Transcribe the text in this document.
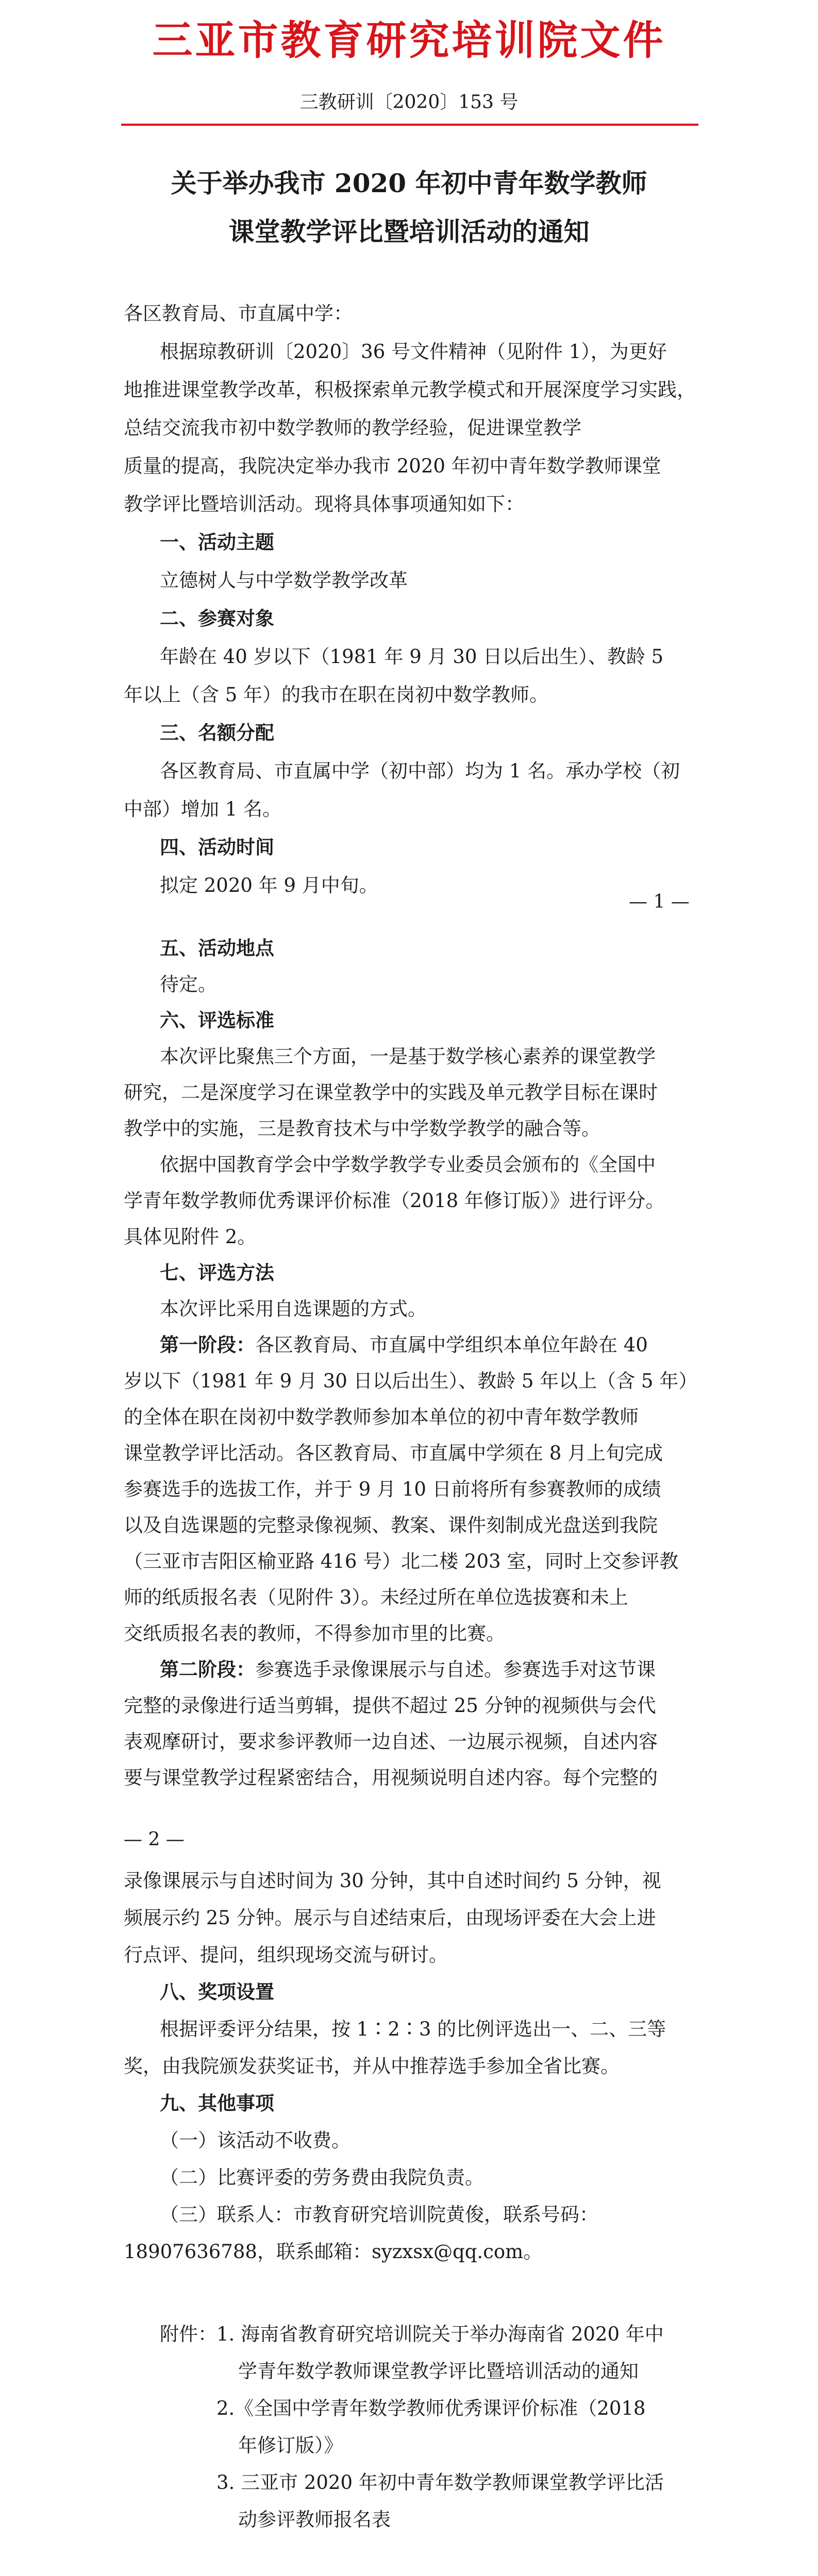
三亚市教育研究培训院文件
三教研训〔2020〕153 号
关于举办我市 2020 年初中青年数学教师
课堂教学评比暨培训活动的通知
各区教育局、市直属中学：
根据琼教研训〔2020〕36 号文件精神（见附件 1），为更好
地推进课堂教学改革，积极探索单元教学模式和开展深度学习实践，
总结交流我市初中数学教师的教学经验，促进课堂教学
质量的提高，我院决定举办我市 2020 年初中青年数学教师课堂
教学评比暨培训活动。现将具体事项通知如下：
一、活动主题
立德树人与中学数学教学改革
二、参赛对象
年龄在 40 岁以下（1981 年 9 月 30 日以后出生）、教龄 5
年以上（含 5 年）的我市在职在岗初中数学教师。
三、名额分配
各区教育局、市直属中学（初中部）均为 1 名。承办学校（初
中部）增加 1 名。
四、活动时间
拟定 2020 年 9 月中旬。
— 1 —
五、活动地点
待定。
六、评选标准
本次评比聚焦三个方面，一是基于数学核心素养的课堂教学
研究，二是深度学习在课堂教学中的实践及单元教学目标在课时
教学中的实施，三是教育技术与中学数学教学的融合等。
依据中国教育学会中学数学教学专业委员会颁布的《全国中
学青年数学教师优秀课评价标准（2018 年修订版）》进行评分。
具体见附件 2。
七、评选方法
本次评比采用自选课题的方式。
第一阶段：各区教育局、市直属中学组织本单位年龄在 40
岁以下（1981 年 9 月 30 日以后出生）、教龄 5 年以上（含 5 年）
的全体在职在岗初中数学教师参加本单位的初中青年数学教师
课堂教学评比活动。各区教育局、市直属中学须在 8 月上旬完成
参赛选手的选拔工作，并于 9 月 10 日前将所有参赛教师的成绩
以及自选课题的完整录像视频、教案、课件刻制成光盘送到我院
（三亚市吉阳区榆亚路 416 号）北二楼 203 室，同时上交参评教
师的纸质报名表（见附件 3）。未经过所在单位选拔赛和未上
交纸质报名表的教师，不得参加市里的比赛。
第二阶段：参赛选手录像课展示与自述。参赛选手对这节课
完整的录像进行适当剪辑，提供不超过 25 分钟的视频供与会代
表观摩研讨，要求参评教师一边自述、一边展示视频，自述内容
要与课堂教学过程紧密结合，用视频说明自述内容。每个完整的
— 2 —
录像课展示与自述时间为 30 分钟，其中自述时间约 5 分钟，视
频展示约 25 分钟。展示与自述结束后，由现场评委在大会上进
行点评、提问，组织现场交流与研讨。
八、奖项设置
根据评委评分结果，按 1∶2∶3 的比例评选出一、二、三等
奖，由我院颁发获奖证书，并从中推荐选手参加全省比赛。
九、其他事项
（一）该活动不收费。
（二）比赛评委的劳务费由我院负责。
（三）联系人：市教育研究培训院黄俊，联系号码：
18907636788，联系邮箱：syzxsx@qq.com。
附件： 1. 海南省教育研究培训院关于举办海南省 2020 年中
学青年数学教师课堂教学评比暨培训活动的通知
2.《全国中学青年数学教师优秀课评价标准（2018
年修订版）》
3. 三亚市 2020 年初中青年数学教师课堂教学评比活
动参评教师报名表
